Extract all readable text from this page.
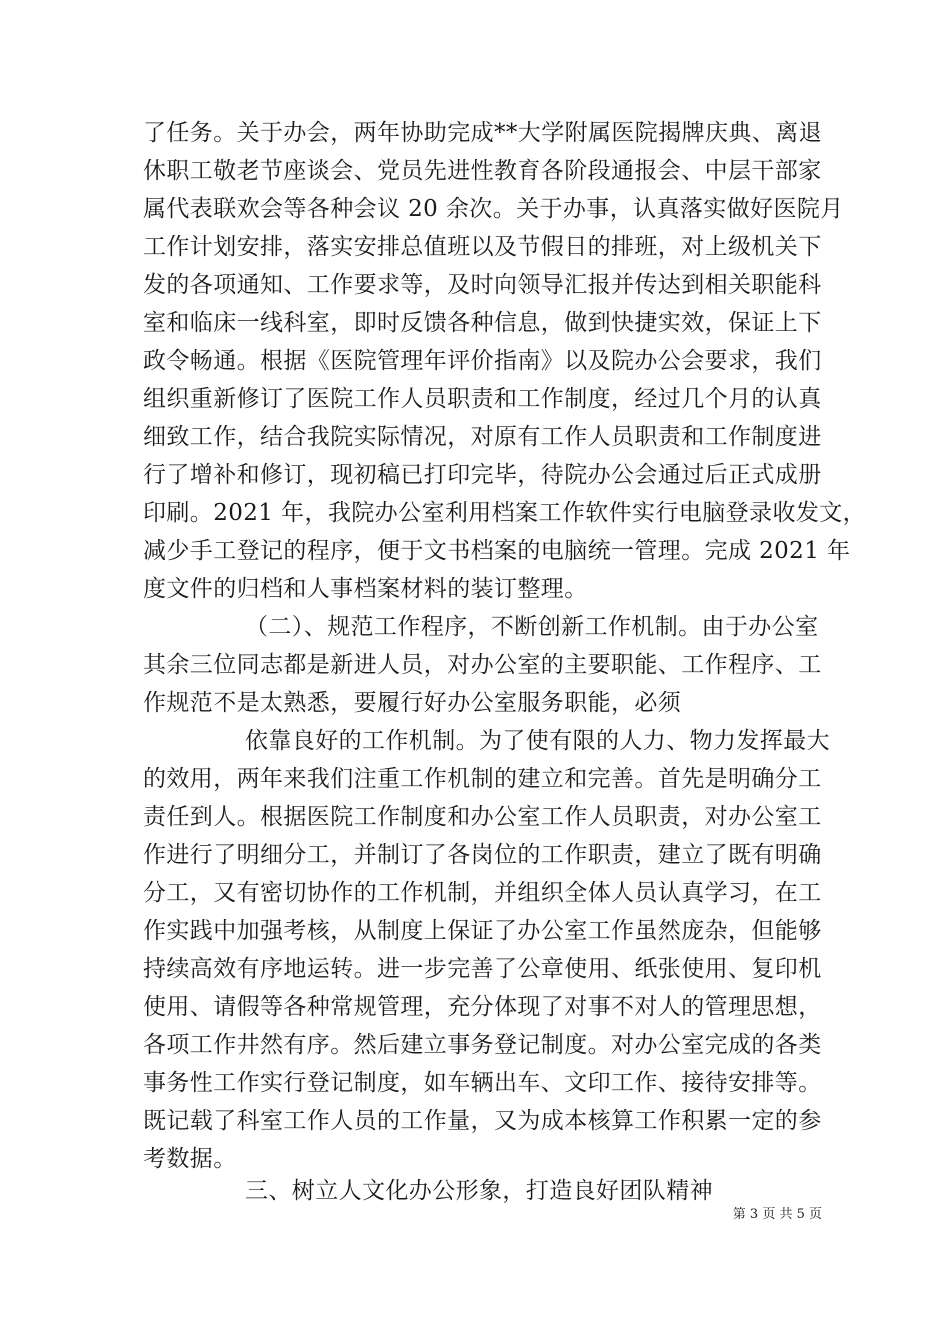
了任务。关于办会，两年协助完成**大学附属医院揭牌庆典、离退
休职工敬老节座谈会、党员先进性教育各阶段通报会、中层干部家
属代表联欢会等各种会议 20 余次。关于办事，认真落实做好医院月
工作计划安排，落实安排总值班以及节假日的排班，对上级机关下
发的各项通知、工作要求等，及时向领导汇报并传达到相关职能科
室和临床一线科室，即时反馈各种信息，做到快捷实效，保证上下
政令畅通。根据《医院管理年评价指南》以及院办公会要求，我们
组织重新修订了医院工作人员职责和工作制度，经过几个月的认真
细致工作，结合我院实际情况，对原有工作人员职责和工作制度进
行了增补和修订，现初稿已打印完毕，待院办公会通过后正式成册
印刷。2021 年，我院办公室利用档案工作软件实行电脑登录收发文，
减少手工登记的程序，便于文书档案的电脑统一管理。完成 2021 年
度文件的归档和人事档案材料的装订整理。
（二）、规范工作程序，不断创新工作机制。由于办公室
其余三位同志都是新进人员，对办公室的主要职能、工作程序、工
作规范不是太熟悉，要履行好办公室服务职能，必须
依靠良好的工作机制。为了使有限的人力、物力发挥最大
的效用，两年来我们注重工作机制的建立和完善。首先是明确分工
责任到人。根据医院工作制度和办公室工作人员职责，对办公室工
作进行了明细分工，并制订了各岗位的工作职责，建立了既有明确
分工，又有密切协作的工作机制，并组织全体人员认真学习，在工
作实践中加强考核，从制度上保证了办公室工作虽然庞杂，但能够
持续高效有序地运转。进一步完善了公章使用、纸张使用、复印机
使用、请假等各种常规管理，充分体现了对事不对人的管理思想，
各项工作井然有序。然后建立事务登记制度。对办公室完成的各类
事务性工作实行登记制度，如车辆出车、文印工作、接待安排等。
既记载了科室工作人员的工作量，又为成本核算工作积累一定的参
考数据。
三、树立人文化办公形象，打造良好团队精神
第 3 页 共 5 页
